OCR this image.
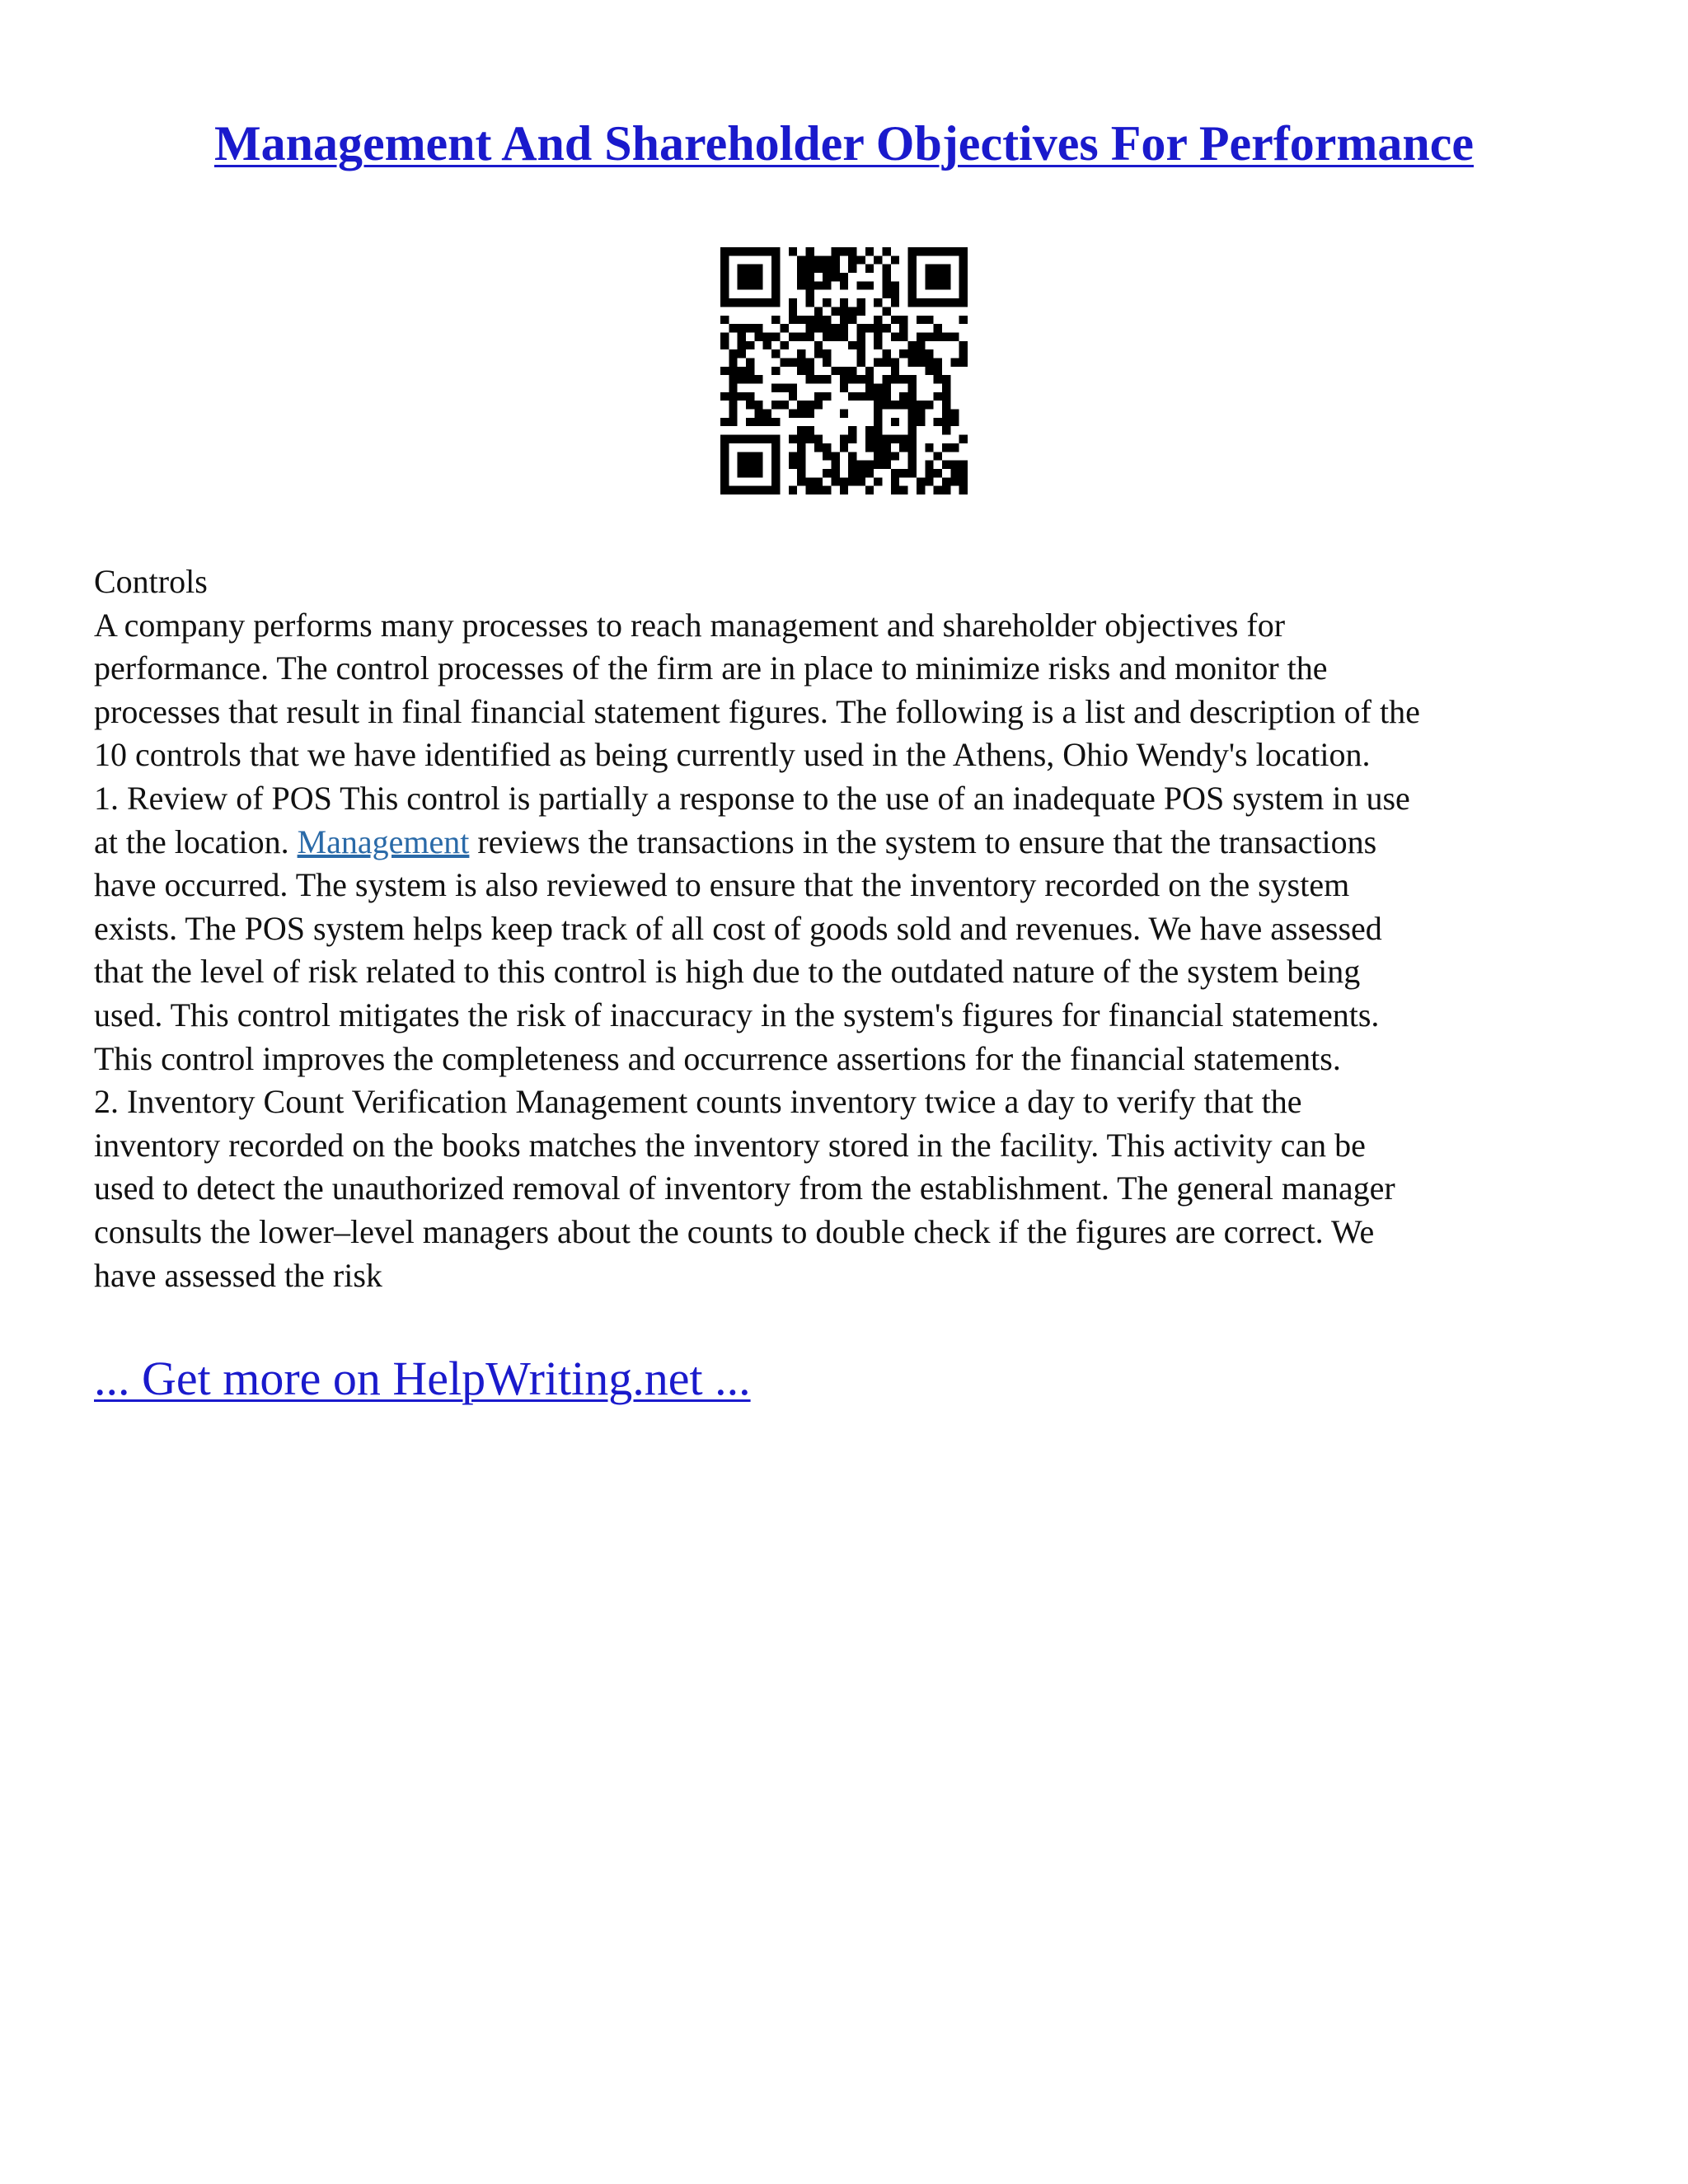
Management And Shareholder Objectives For Performance
Controls
A company performs many processes to reach management and shareholder objectives for
performance. The control processes of the firm are in place to minimize risks and monitor the
processes that result in final financial statement figures. The following is a list and description of the
10 controls that we have identified as being currently used in the Athens, Ohio Wendy's location.
1. Review of POS This control is partially a response to the use of an inadequate POS system in use
at the location. Management reviews the transactions in the system to ensure that the transactions
have occurred. The system is also reviewed to ensure that the inventory recorded on the system
exists. The POS system helps keep track of all cost of goods sold and revenues. We have assessed
that the level of risk related to this control is high due to the outdated nature of the system being
used. This control mitigates the risk of inaccuracy in the system's figures for financial statements.
This control improves the completeness and occurrence assertions for the financial statements.
2. Inventory Count Verification Management counts inventory twice a day to verify that the
inventory recorded on the books matches the inventory stored in the facility. This activity can be
used to detect the unauthorized removal of inventory from the establishment. The general manager
consults the lower–level managers about the counts to double check if the figures are correct. We
have assessed the risk
... Get more on HelpWriting.net ...
